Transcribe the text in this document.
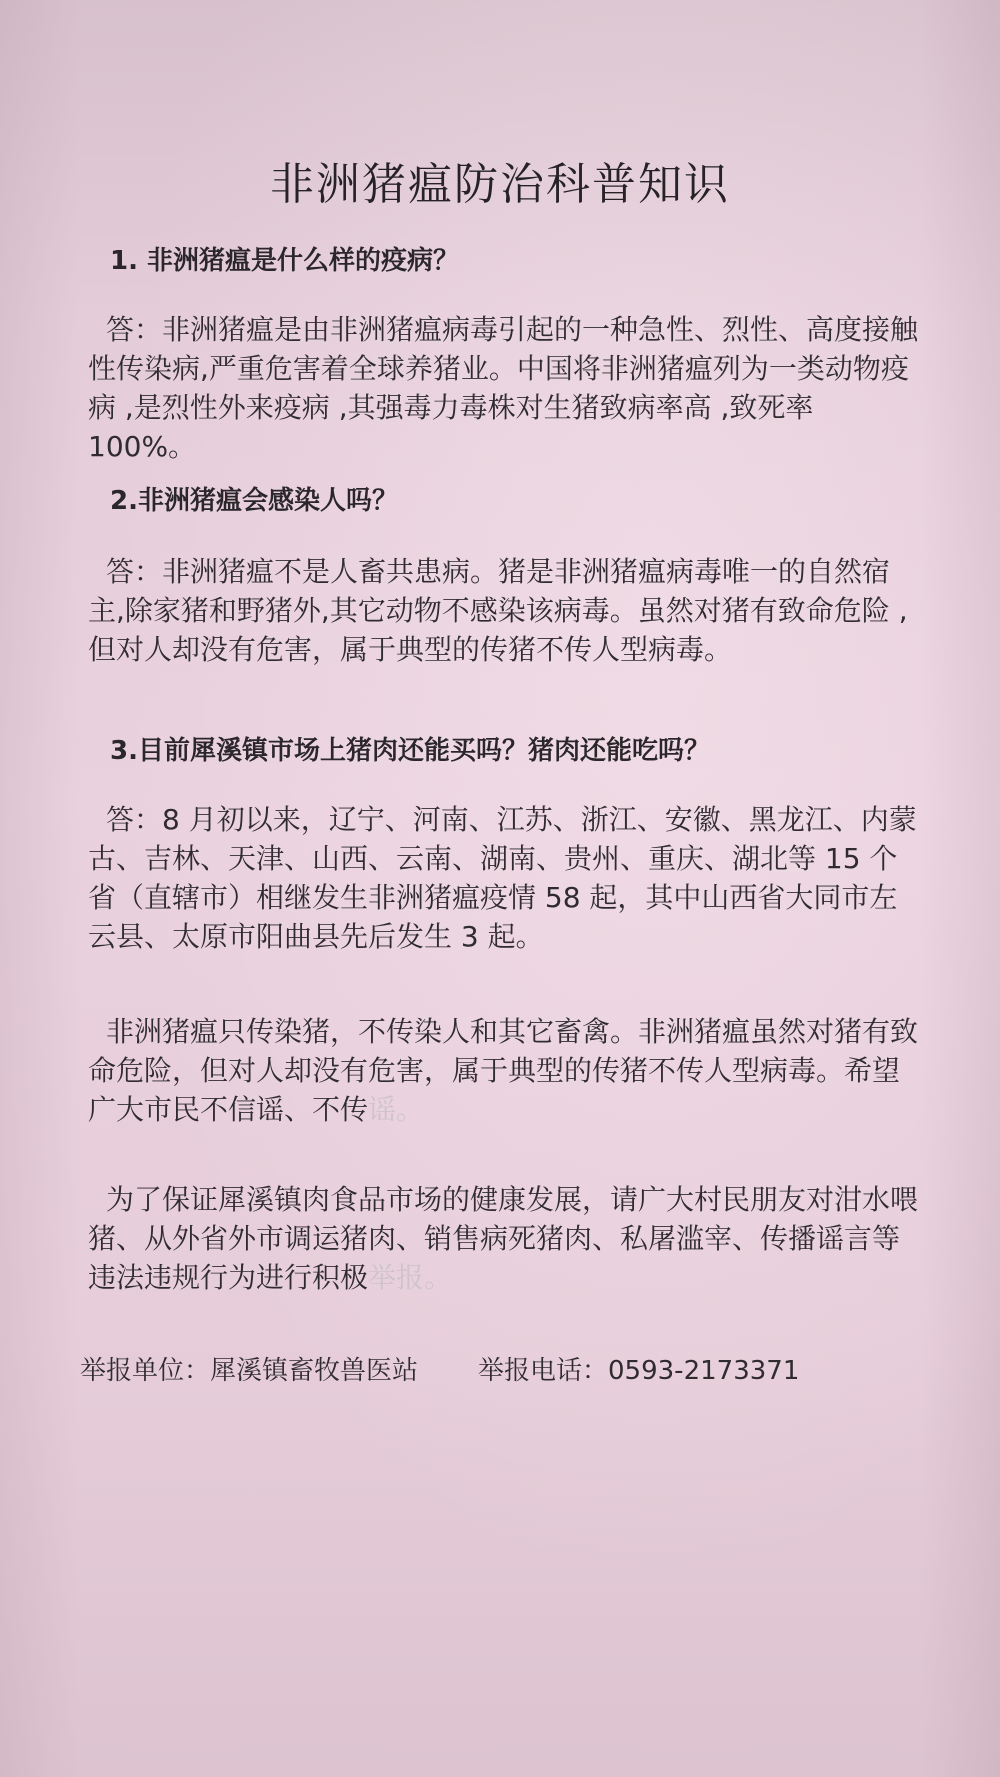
非洲猪瘟防治科普知识
1. 非洲猪瘟是什么样的疫病？

答：非洲猪瘟是由非洲猪瘟病毒引起的一种急性、烈性、高度接触性传染病,严重危害着全球养猪业。中国将非洲猪瘟列为一类动物疫病 ,是烈性外来疫病 ,其强毒力毒株对生猪致病率高 ,致死率 100%。

2.非洲猪瘟会感染人吗？

答：非洲猪瘟不是人畜共患病。猪是非洲猪瘟病毒唯一的自然宿主,除家猪和野猪外,其它动物不感染该病毒。虽然对猪有致命危险 ,但对人却没有危害，属于典型的传猪不传人型病毒。

3.目前犀溪镇市场上猪肉还能买吗？猪肉还能吃吗？

答：8 月初以来，辽宁、河南、江苏、浙江、安徽、黑龙江、内蒙古、吉林、天津、山西、云南、湖南、贵州、重庆、湖北等 15 个省（直辖市）相继发生非洲猪瘟疫情 58 起，其中山西省大同市左云县、太原市阳曲县先后发生 3 起。

非洲猪瘟只传染猪，不传染人和其它畜禽。非洲猪瘟虽然对猪有致命危险，但对人却没有危害，属于典型的传猪不传人型病毒。希望广大市民不信谣、不传谣。

为了保证犀溪镇肉食品市场的健康发展，请广大村民朋友对泔水喂猪、从外省外市调运猪肉、销售病死猪肉、私屠滥宰、传播谣言等违法违规行为进行积极举报。

举报单位：犀溪镇畜牧兽医站 举报电话：0593-2173371
